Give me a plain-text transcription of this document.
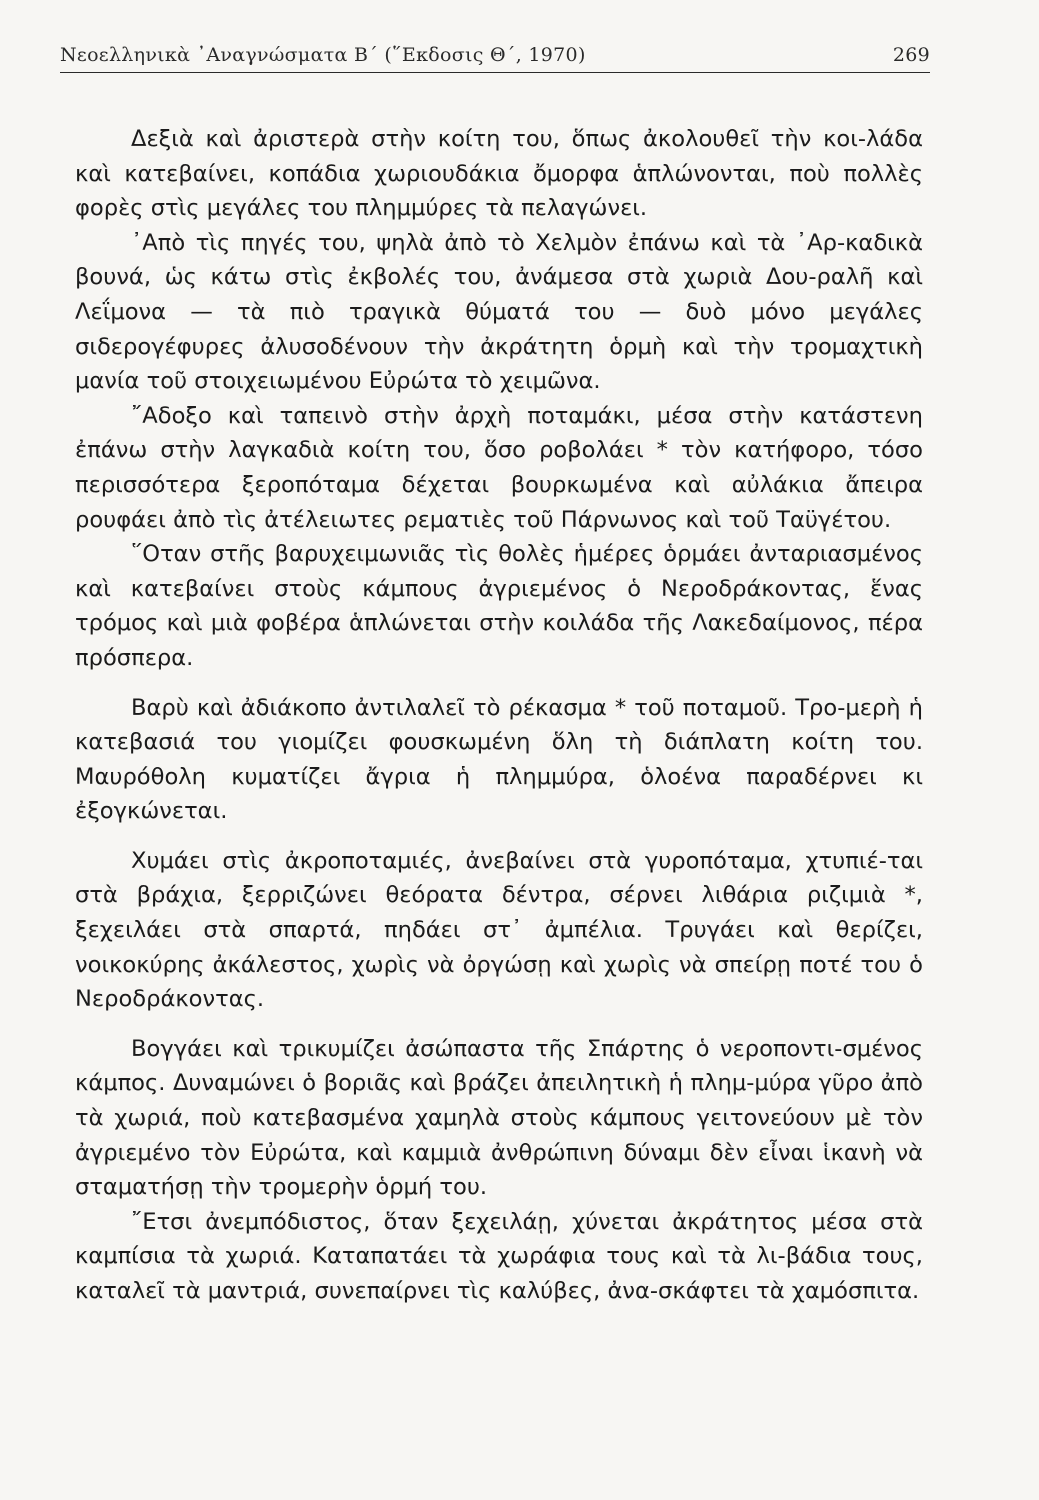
Νεοελληνικὰ ᾿Αναγνώσματα Β΄ (῞Εκδοσις Θ΄, 1970)	269

Δεξιὰ καὶ ἀριστερὰ στὴν κοίτη του, ὅπως ἀκολουθεῖ τὴν κοι-λάδα καὶ κατεβαίνει, κοπάδια χωριουδάκια ὄμορφα ἁπλώνονται, ποὺ πολλὲς φορὲς στὶς μεγάλες του πλημμύρες τὰ πελαγώνει.

᾿Απὸ τὶς πηγές του, ψηλὰ ἀπὸ τὸ Χελμὸν ἐπάνω καὶ τὰ ᾿Αρ-καδικὰ βουνά, ὡς κάτω στὶς ἐκβολές του, ἀνάμεσα στὰ χωριὰ Δου-ραλῆ καὶ Λεΐμονα — τὰ πιὸ τραγικὰ θύματά του — δυὸ μόνο μεγάλες σιδερογέφυρες ἀλυσοδένουν τὴν ἀκράτητη ὁρμὴ καὶ τὴν τρομαχτικὴ μανία τοῦ στοιχειωμένου Εὐρώτα τὸ χειμῶνα.

῎Αδοξο καὶ ταπεινὸ στὴν ἀρχὴ ποταμάκι, μέσα στὴν κατάστενη ἐπάνω στὴν λαγκαδιὰ κοίτη του, ὅσο ροβολάει * τὸν κατήφορο, τόσο περισσότερα ξεροπόταμα δέχεται βουρκωμένα καὶ αὐλάκια ἄπειρα ρουφάει ἀπὸ τὶς ἀτέλειωτες ρεματιὲς τοῦ Πάρνωνος καὶ τοῦ Ταϋγέτου.

῞Οταν στῆς βαρυχειμωνιᾶς τὶς θολὲς ἡμέρες ὁρμάει ἀνταριασμένος καὶ κατεβαίνει στοὺς κάμπους ἀγριεμένος ὁ Νεροδράκοντας, ἕνας τρόμος καὶ μιὰ φοβέρα ἁπλώνεται στὴν κοιλάδα τῆς Λακεδαίμονος, πέρα πρόσπερα.

Βαρὺ καὶ ἀδιάκοπο ἀντιλαλεῖ τὸ ρέκασμα * τοῦ ποταμοῦ. Τρο-μερὴ ἡ κατεβασιά του γιομίζει φουσκωμένη ὅλη τὴ διάπλατη κοίτη του. Μαυρόθολη κυματίζει ἄγρια ἡ πλημμύρα, ὁλοένα παραδέρνει κι ἐξογκώνεται.

Χυμάει στὶς ἀκροποταμιές, ἀνεβαίνει στὰ γυροπόταμα, χτυπιέ-ται στὰ βράχια, ξερριζώνει θεόρατα δέντρα, σέρνει λιθάρια ριζιμιὰ *, ξεχειλάει στὰ σπαρτά, πηδάει στ᾿ ἀμπέλια. Τρυγάει καὶ θερίζει, νοικοκύρης ἀκάλεστος, χωρὶς νὰ ὀργώσῃ καὶ χωρὶς νὰ σπείρῃ ποτέ του ὁ Νεροδράκοντας.

Βογγάει καὶ τρικυμίζει ἀσώπαστα τῆς Σπάρτης ὁ νεροποντι-σμένος κάμπος. Δυναμώνει ὁ βοριᾶς καὶ βράζει ἀπειλητικὴ ἡ πλημ-μύρα γῦρο ἀπὸ τὰ χωριά, ποὺ κατεβασμένα χαμηλὰ στοὺς κάμπους γειτονεύουν μὲ τὸν ἀγριεμένο τὸν Εὐρώτα, καὶ καμμιὰ ἀνθρώπινη δύναμι δὲν εἶναι ἱκανὴ νὰ σταματήσῃ τὴν τρομερὴν ὁρμή του.

῎Ετσι ἀνεμπόδιστος, ὅταν ξεχειλάῃ, χύνεται ἀκράτητος μέσα στὰ καμπίσια τὰ χωριά. Καταπατάει τὰ χωράφια τους καὶ τὰ λι-βάδια τους, καταλεῖ τὰ μαντριά, συνεπαίρνει τὶς καλύβες, ἀνα-σκάφτει τὰ χαμόσπιτα.
